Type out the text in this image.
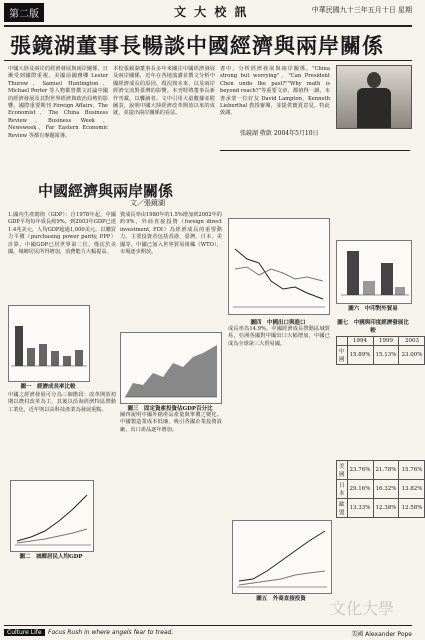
第二版	文 大 校 訊	中華民國九十三年五月十日 星期
張鏡湖董事長暢談中國經濟與兩岸關係

中國大陸及兩岸的經濟發展與兩岸關係，日漸受到國際重視。美國前國務卿 Lester Thurow、Samuel Huntington、Michael Porter 等人物都曾撰文討論中國的經濟發展及其對世界經濟與政治局勢的影響。國際重要期刊 Foreign Affairs、The Economist、The China Business Review、Business Week、Newsweek、Far Eastern Economic Review 等都有專題報導。

本校張鏡湖董事長多年來關注中國經濟發展及兩岸關係，近年在各地演講並撰文分析中國經濟成長的原因、現況與未來，以及兩岸經濟交流對臺灣的影響。本刊特將董事長新作刊載，以饗讀者。文中引用大量數據並附圖表，說明中國大陸經濟改革開放以來的成就，並提出兩岸關係的看法。

書中，分析經濟發展與兩岸關係。"China strong but worrying"，"Can President Chen undo the past?""Why math is beyond reach?"等重要文章，都值得一讀。本書承蒙一位好友 David Lampton、Kenneth Lieberthal 教授審閱，並提供寶貴意見，特此致謝。

張鏡湖 敬啟 2004年5月10日
中國經濟與兩岸關係
文／張鏡湖
圖一　經濟成長率比較
圖二　城鄉居民人均GDP
圖三　固定資產投資佔GDP百分比
圖四　中國出口與進口
圖六　中印對外貿易
圖五　外商直接投資

1.國內生產總值（GDP）：自1978年起，中國GDP平均每年成長約9%，到2003年GDP已達1.4兆美元，人均GDP超過1,000美元。以購買力平價（purchasing power parity, PPP）計算，中國GDP已居世界第二位，僅次於美國。城鄉居民所得增加，消費能力大幅提高。

資成長率由1980年的1.5%增加到2002年的約9%，外商直接投資（foreign direct investment, FDI）為經濟成長的重要動力。主要投資者包括香港、臺灣、日本、美國等。中國已加入世界貿易組織（WTO），市場逐步開放。

成長率為14.9%。中國經濟成長帶動區域貿易，亞洲各國對中國出口大幅增加，中國已成為全球第三大貿易國。

中國之經濟發展可分為三個階段：改革開放初期以農村改革為主，其後以沿海經濟特區帶動工業化，近年則以高科技產業為發展重點。

圖四說明中國外銷產品產量與單價之變化。中國製造業成本低廉，吸引各國企業投資設廠，出口產品逐年增加。

圖七　中國與印度經濟發展比較
	1994	1999	2003
中國	15.89%	15.13%	23.00%
美國	23.76%	21.78%	15.76%
日本	29.16%	16.32%	13.82%
歐盟	13.33%	12.38%	12.58%
文化大學
Culture Life	Focus Rush in where angels fear to tread.	美國 Alexander Pope
